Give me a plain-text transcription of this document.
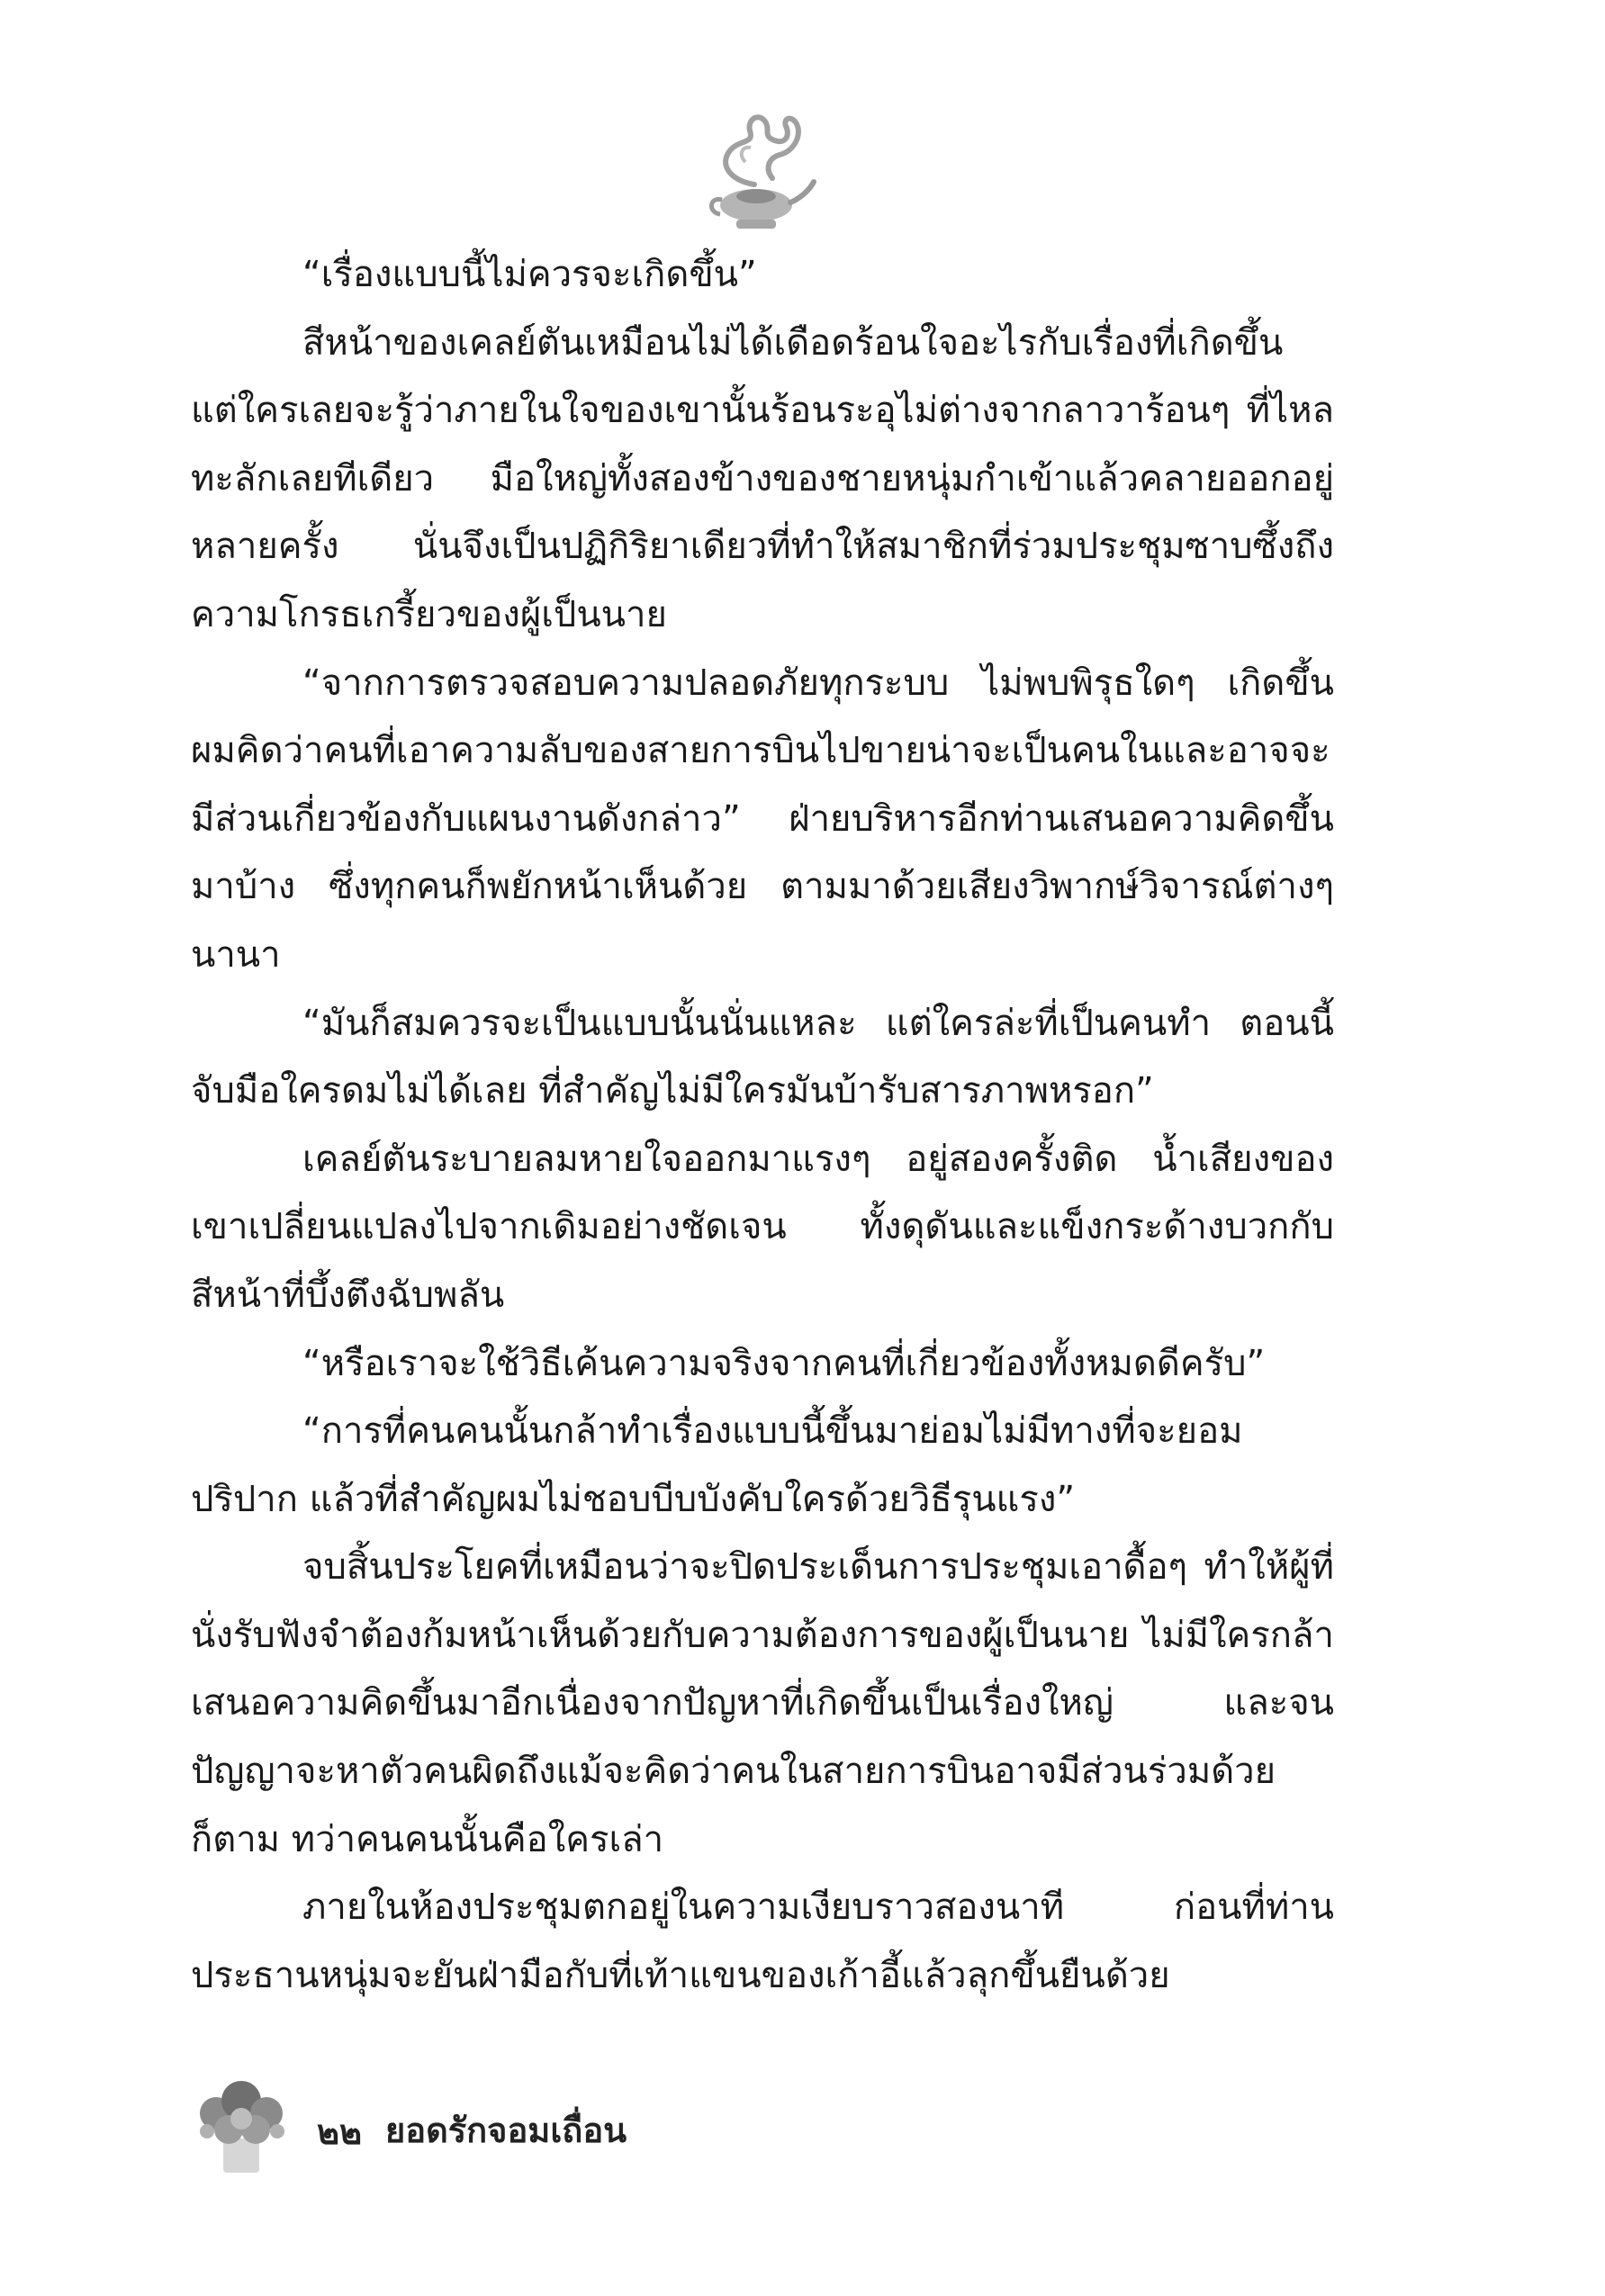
“เรื่องแบบนี้ไม่ควรจะเกิดขึ้น”

สีหน้าของเคลย์ตันเหมือนไม่ได้เดือดร้อนใจอะไรกับเรื่องที่เกิดขึ้น แต่ใครเลยจะรู้ว่าภายในใจของเขานั้นร้อนระอุไม่ต่างจากลาวาร้อนๆ ที่ไหลทะลักเลยทีเดียว มือใหญ่ทั้งสองข้างของชายหนุ่มกำเข้าแล้วคลายออกอยู่หลายครั้ง นั่นจึงเป็นปฏิกิริยาเดียวที่ทำให้สมาชิกที่ร่วมประชุมซาบซึ้งถึงความโกรธเกรี้ยวของผู้เป็นนาย

“จากการตรวจสอบความปลอดภัยทุกระบบ ไม่พบพิรุธใดๆ เกิดขึ้น ผมคิดว่าคนที่เอาความลับของสายการบินไปขายน่าจะเป็นคนในและอาจจะมีส่วนเกี่ยวข้องกับแผนงานดังกล่าว” ฝ่ายบริหารอีกท่านเสนอความคิดขึ้นมาบ้าง ซึ่งทุกคนก็พยักหน้าเห็นด้วย ตามมาด้วยเสียงวิพากษ์วิจารณ์ต่างๆ นานา

“มันก็สมควรจะเป็นแบบนั้นนั่นแหละ แต่ใครล่ะที่เป็นคนทำ ตอนนี้จับมือใครดมไม่ได้เลย ที่สำคัญไม่มีใครมันบ้ารับสารภาพหรอก”

เคลย์ตันระบายลมหายใจออกมาแรงๆ อยู่สองครั้งติด น้ำเสียงของเขาเปลี่ยนแปลงไปจากเดิมอย่างชัดเจน ทั้งดุดันและแข็งกระด้างบวกกับสีหน้าที่บึ้งตึงฉับพลัน

“หรือเราจะใช้วิธีเค้นความจริงจากคนที่เกี่ยวข้องทั้งหมดดีครับ”

“การที่คนคนนั้นกล้าทำเรื่องแบบนี้ขึ้นมาย่อมไม่มีทางที่จะยอมปริปาก แล้วที่สำคัญผมไม่ชอบบีบบังคับใครด้วยวิธีรุนแรง”

จบสิ้นประโยคที่เหมือนว่าจะปิดประเด็นการประชุมเอาดื้อๆ ทำให้ผู้ที่นั่งรับฟังจำต้องก้มหน้าเห็นด้วยกับความต้องการของผู้เป็นนาย ไม่มีใครกล้าเสนอความคิดขึ้นมาอีกเนื่องจากปัญหาที่เกิดขึ้นเป็นเรื่องใหญ่ และจนปัญญาจะหาตัวคนผิดถึงแม้จะคิดว่าคนในสายการบินอาจมีส่วนร่วมด้วยก็ตาม ทว่าคนคนนั้นคือใครเล่า

ภายในห้องประชุมตกอยู่ในความเงียบราวสองนาที ก่อนที่ท่านประธานหนุ่มจะยันฝ่ามือกับที่เท้าแขนของเก้าอี้แล้วลุกขึ้นยืนด้วย

๒๒ ยอดรักจอมเถื่อน
